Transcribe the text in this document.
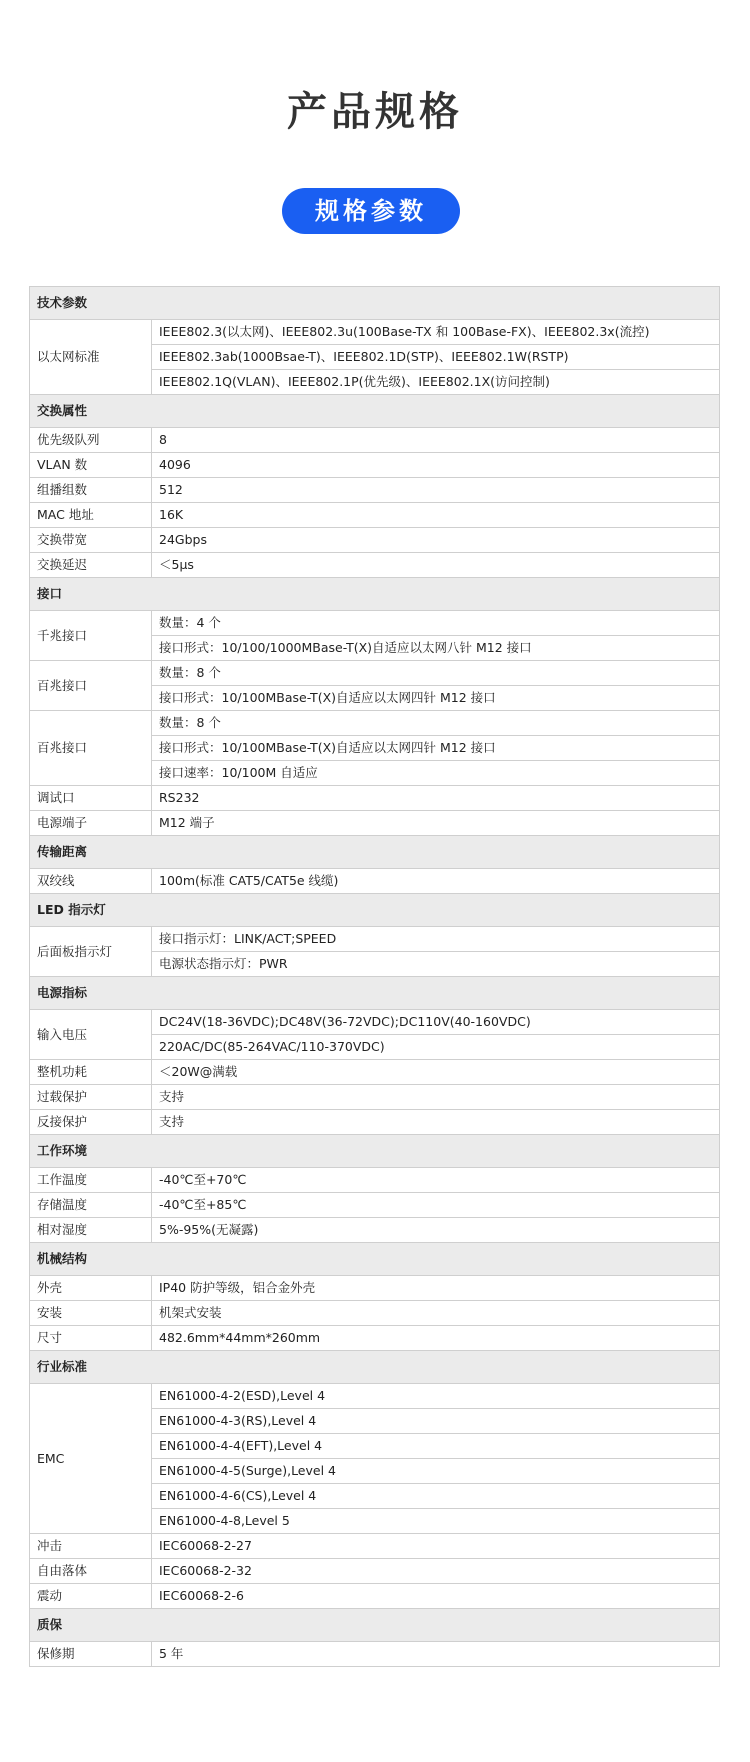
产品规格
规格参数
技术参数	
以太网标准	IEEE802.3(以太网)、IEEE802.3u(100Base-TX 和 100Base-FX)、IEEE802.3x(流控)
	IEEE802.3ab(1000Bsae-T)、IEEE802.1D(STP)、IEEE802.1W(RSTP)
	IEEE802.1Q(VLAN)、IEEE802.1P(优先级)、IEEE802.1X(访问控制)
交换属性	
优先级队列	8
VLAN 数	4096
组播组数	512
MAC 地址	16K
交换带宽	24Gbps
交换延迟	＜5μs
接口	
千兆接口	数量：4 个
	接口形式：10/100/1000MBase-T(X)自适应以太网八针 M12 接口
百兆接口	数量：8 个
	接口形式：10/100MBase-T(X)自适应以太网四针 M12 接口
百兆接口	数量：8 个
	接口形式：10/100MBase-T(X)自适应以太网四针 M12 接口
	接口速率：10/100M 自适应
调试口	RS232
电源端子	M12 端子
传输距离	
双绞线	100m(标准 CAT5/CAT5e 线缆)
LED 指示灯	
后面板指示灯	接口指示灯：LINK/ACT;SPEED
	电源状态指示灯：PWR
电源指标	
输入电压	DC24V(18-36VDC);DC48V(36-72VDC);DC110V(40-160VDC)
	220AC/DC(85-264VAC/110-370VDC)
整机功耗	＜20W@满载
过载保护	支持
反接保护	支持
工作环境	
工作温度	-40℃至+70℃
存储温度	-40℃至+85℃
相对湿度	5%-95%(无凝露)
机械结构	
外壳	IP40 防护等级，铝合金外壳
安装	机架式安装
尺寸	482.6mm*44mm*260mm
行业标准	
EMC	EN61000-4-2(ESD),Level 4
	EN61000-4-3(RS),Level 4
	EN61000-4-4(EFT),Level 4
	EN61000-4-5(Surge),Level 4
	EN61000-4-6(CS),Level 4
	EN61000-4-8,Level 5
冲击	IEC60068-2-27
自由落体	IEC60068-2-32
震动	IEC60068-2-6
质保	
保修期	5 年
